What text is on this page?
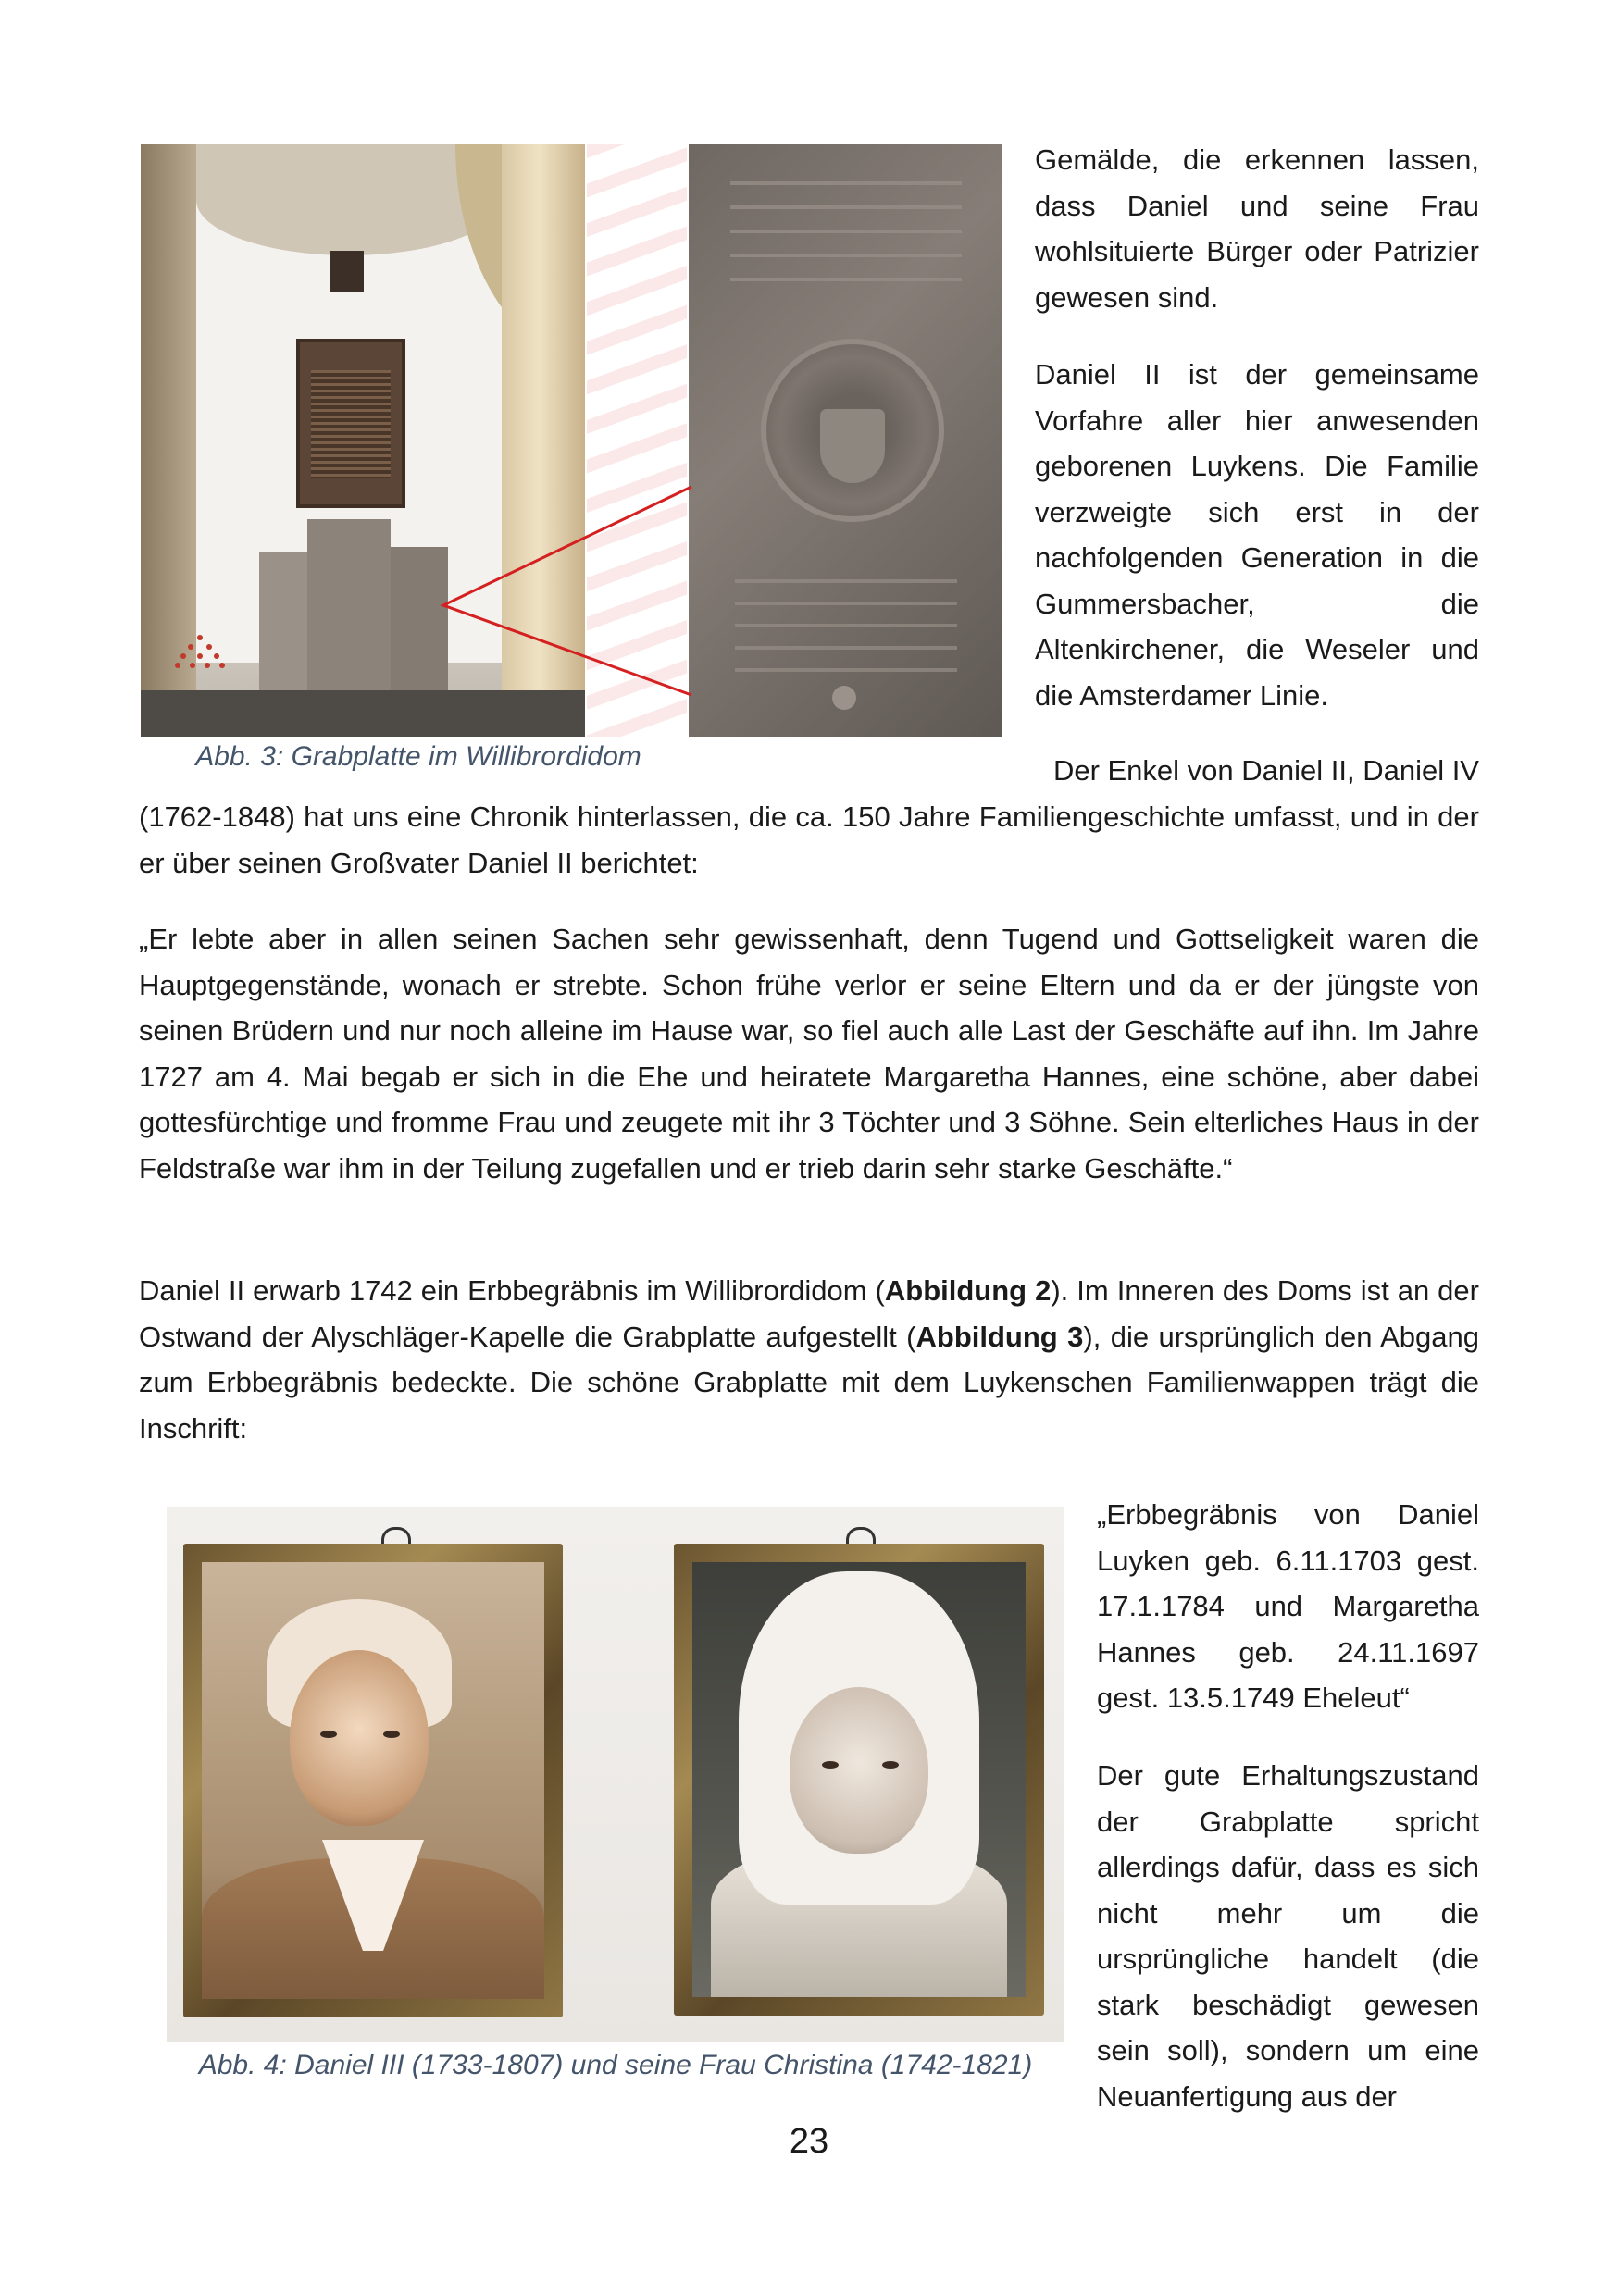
Abb. 3: Grabplatte im Willibrordidom

Gemälde, die erkennen lassen, dass Daniel und seine Frau wohlsituierte Bürger oder Patrizier gewesen sind.

Daniel II ist der gemeinsame Vorfahre aller hier anwesenden geborenen Luykens. Die Familie verzweigte sich erst in der nachfolgenden Generation in die Gummersbacher, die Altenkirchener, die Weseler und die Amsterdamer Linie.

Der Enkel von Daniel II, Daniel IV

(1762-1848) hat uns eine Chronik hinterlassen, die ca. 150 Jahre Familiengeschichte umfasst, und in der er über seinen Großvater Daniel II berichtet:

„Er lebte aber in allen seinen Sachen sehr gewissenhaft, denn Tugend und Gottseligkeit waren die Hauptgegenstände, wonach er strebte. Schon frühe verlor er seine Eltern und da er der jüngste von seinen Brüdern und nur noch alleine im Hause war, so fiel auch alle Last der Geschäfte auf ihn. Im Jahre 1727 am 4. Mai begab er sich in die Ehe und heiratete Margaretha Hannes, eine schöne, aber dabei gottesfürchtige und fromme Frau und zeugete mit ihr 3 Töchter und 3 Söhne. Sein elterliches Haus in der Feldstraße war ihm in der Teilung zugefallen und er trieb darin sehr starke Geschäfte.“

Daniel II erwarb 1742 ein Erbbegräbnis im Willibrordidom (Abbildung 2). Im Inneren des Doms ist an der Ostwand der Alyschläger-Kapelle die Grabplatte aufgestellt (Abbildung 3), die ursprünglich den Abgang zum Erbbegräbnis bedeckte. Die schöne Grabplatte mit dem Luykenschen Familienwappen trägt die Inschrift:

Abb. 4: Daniel III (1733-1807) und seine Frau Christina (1742-1821)

„Erbbegräbnis von Daniel Luyken geb. 6.11.1703 gest. 17.1.1784 und Margaretha Hannes geb. 24.11.1697 gest. 13.5.1749 Eheleut“

Der gute Erhaltungszustand der Grabplatte spricht allerdings dafür, dass es sich nicht mehr um die ursprüngliche handelt (die stark beschädigt gewesen sein soll), sondern um eine Neuanfertigung aus der

23
